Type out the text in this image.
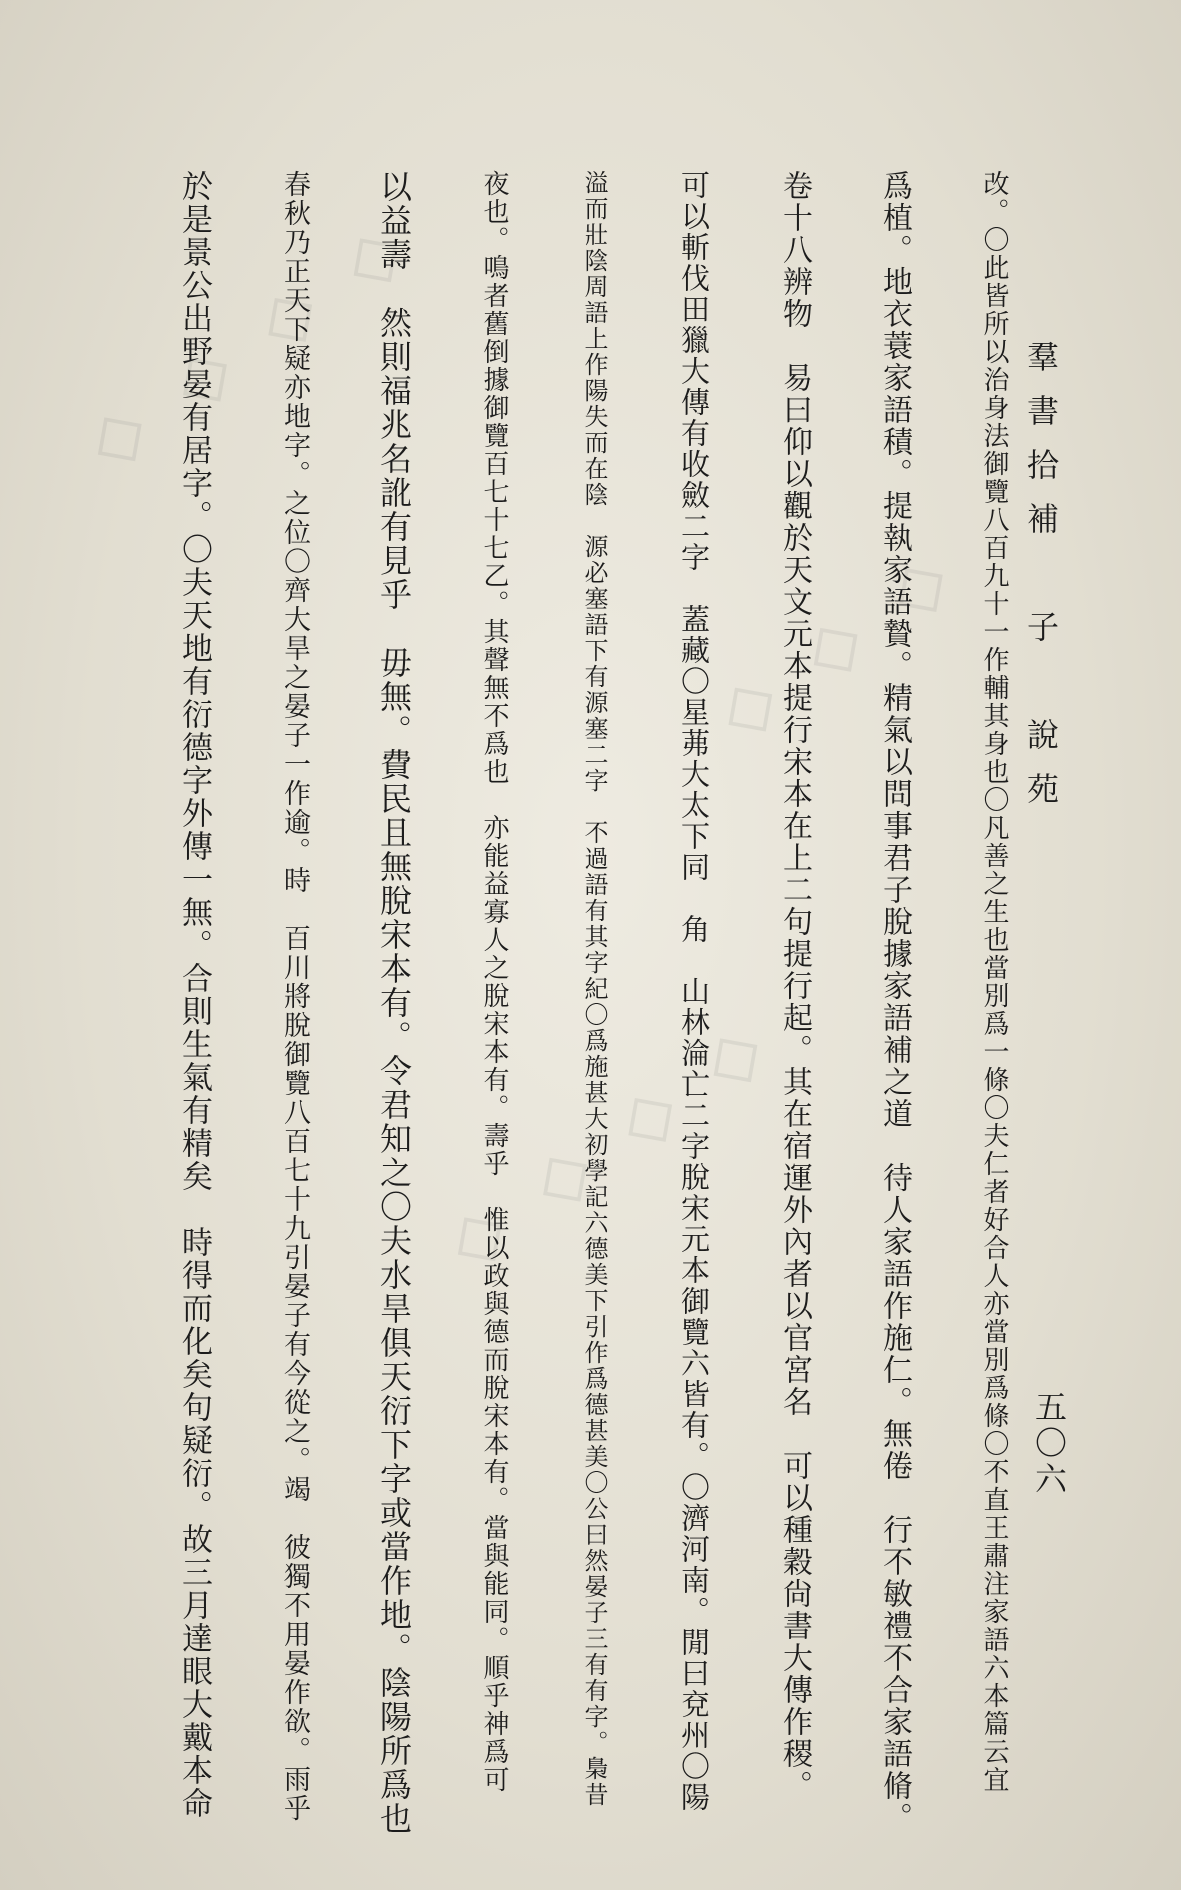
◇ ◇ ◇ ◇
◇ ◇ ◇ ◇
◇ ◇ ◇ 羣書拾補　子　說苑
五〇六
改。〇此皆所以治身法御覽八百九十一作輔其身也〇凡善之生也當別爲一條〇夫仁者好合人亦當別爲條〇不直王肅注家語六本篇云宜
爲植。地衣蓑家語積。提執家語贄。精氣以問事君子脫據家語補之道　待人家語作施仁。無倦　行不敏禮不合家語脩。
卷十八辨物　易曰仰以觀於天文元本提行宋本在上二句提行起。其在宿運外內者以官宮名　可以種穀尙書大傳作稷。
可以斬伐田獵大傳有收斂二字　蓋藏〇星茀大太下同　角　山林淪亡二字脫宋元本御覽六皆有。〇濟河南。閒曰兗州〇陽
溢而壯陰周語上作陽失而在陰　源必塞語下有源塞二字　不過語有其字紀〇爲施甚大初學記六德美下引作爲德甚美〇公曰然晏子三有有字。梟昔
夜也。鳴者舊倒據御覽百七十七乙。其聲無不爲也　亦能益寡人之脫宋本有。壽乎　惟以政與德而脫宋本有。當與能同。順乎神爲可
以益壽　然則福兆名訛有見乎　毋無。費民且無脫宋本有。令君知之〇夫水旱俱天衍下字或當作地。陰陽所爲也
春秋乃正天下疑亦地字。之位〇齊大旱之晏子一作逾。時　百川將脫御覽八百七十九引晏子有今從之。竭　彼獨不用晏作欲。雨乎
於是景公出野晏有居字。〇夫天地有衍德字外傳一無。合則生氣有精矣　時得而化矣句疑衍。故三月達眼大戴本命
